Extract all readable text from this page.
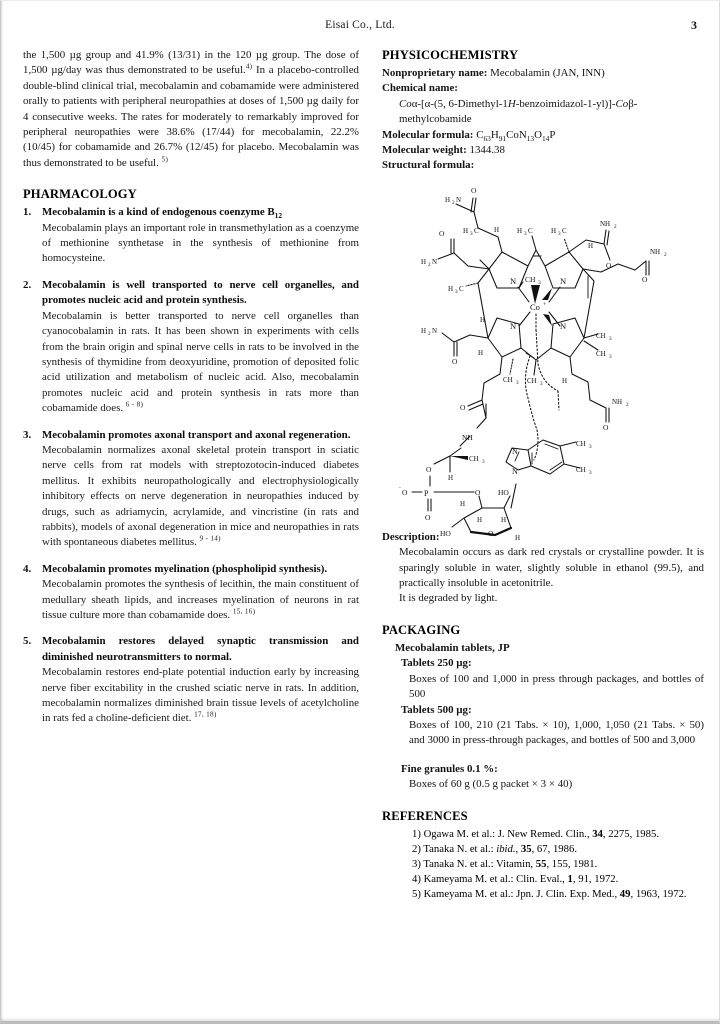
Eisai Co., Ltd.	3
the 1,500 µg group and 41.9% (13/31) in the 120 µg group. The dose of 1,500 µg/day was thus demonstrated to be useful.$^{4)}$ In a placebo-controlled double-blind clinical trial, mecobalamin and cobamamide were administered orally to patients with peripheral neuropathies at doses of 1,500 µg daily for 4 consecutive weeks. The rates for moderately to remarkably improved for peripheral neuropathies were 38.6% (17/44) for mecobalamin, 22.2% (10/45) for cobamamide and 26.7% (12/45) for placebo. Mecobalamin was thus demonstrated to be useful. $^{5)}$
PHARMACOLOGY
1. Mecobalamin is a kind of endogenous coenzyme $B_{12}$

Mecobalamin plays an important role in transmethylation as a coenzyme of methionine synthetase in the synthesis of methionine from homocysteine.

2. Mecobalamin is well transported to nerve cell organelles, and promotes nucleic acid and protein synthesis.

Mecobalamin is better transported to nerve cell organelles than cyanocobalamin in rats. It has been shown in experiments with cells from the brain origin and spinal nerve cells in rats to be involved in the synthesis of thymidine from deoxyuridine, promotion of deposited folic acid utilization and metabolism of nucleic acid. Also, mecobalamin promotes nucleic acid and protein synthesis in rats more than cobamamide does. $^{6 - 8)}$

3. Mecobalamin promotes axonal transport and axonal regeneration.

Mecobalamin normalizes axonal skeletal protein transport in sciatic nerve cells from rat models with streptozotocin-induced diabetes mellitus. It exhibits neuropathologically and electrophysiologically inhibitory effects on nerve degeneration in neuropathies induced by drugs, such as adriamycin, acrylamide, and vincristine (in rats and rabbits), models of axonal degeneration in mice and neuropathies in rats with spontaneous diabetes mellitus. $^{9 - 14)}$

4. Mecobalamin promotes myelination (phospholipid synthesis).

Mecobalamin promotes the synthesis of lecithin, the main constituent of medullary sheath lipids, and increases myelination of neurons in rat tissue culture more than cobamamide does. $^{15, 16)}$

5. Mecobalamin restores delayed synaptic transmission and diminished neurotransmitters to normal.

Mecobalamin restores end-plate potential induction early by increasing nerve fiber excitability in the crushed sciatic nerve in rats. In addition, mecobalamin normalizes diminished brain tissue levels of acetylcholine in rats fed a choline-deficient diet. $^{17, 18)}$

PHYSICOCHEMISTRY
Nonproprietary name: Mecobalamin (JAN, INN)
Chemical name:
Coα-[α-(5, 6-Dimethyl-1H-benzoimidazol-1-yl)]-Coβ-
methylcobamide
Molecular formula: $C_{63}H_{91}CoN_{13}O_{14}P$
Molecular weight: 1344.38
Structural formula:
Co +
N	N
N	N
CH 3
H 2 N
O
H
O
H 2 N
H 3 C
H 3 C
H 3 C	H 3 C
NH 2
O
O
NH 2
H
O
H 2 N
H
H
O
CH 3 CH 3
CH 3
CH 3
O
NH 2
H
NH
CH 3
H
O
P
O
-
O
O
O
H
H	H
H
HO
HO
N
N
CH 3
CH 3
Description:
Mecobalamin occurs as dark red crystals or crystalline powder. It is sparingly soluble in water, slightly soluble in ethanol (99.5), and practically insoluble in acetonitrile.
It is degraded by light.
PACKAGING
Mecobalamin tablets, JP
Tablets 250 µg:
Boxes of 100 and 1,000 in press through packages, and bottles of 500
Tablets 500 µg:
Boxes of 100, 210 (21 Tabs. × 10), 1,000, 1,050 (21 Tabs. × 50) and 3000 in press-through packages, and bottles of 500 and 3,000
Fine granules 0.1 %:
Boxes of 60 g (0.5 g packet × 3 × 40)
REFERENCES
1) Ogawa M. et al.: J. New Remed. Clin., 34, 2275, 1985.
2) Tanaka N. et al.: ibid., 35, 67, 1986.
3) Tanaka N. et al.: Vitamin, 55, 155, 1981.
4) Kameyama M. et al.: Clin. Eval., 1, 91, 1972.
5) Kameyama M. et al.: Jpn. J. Clin. Exp. Med., 49, 1963, 1972.
